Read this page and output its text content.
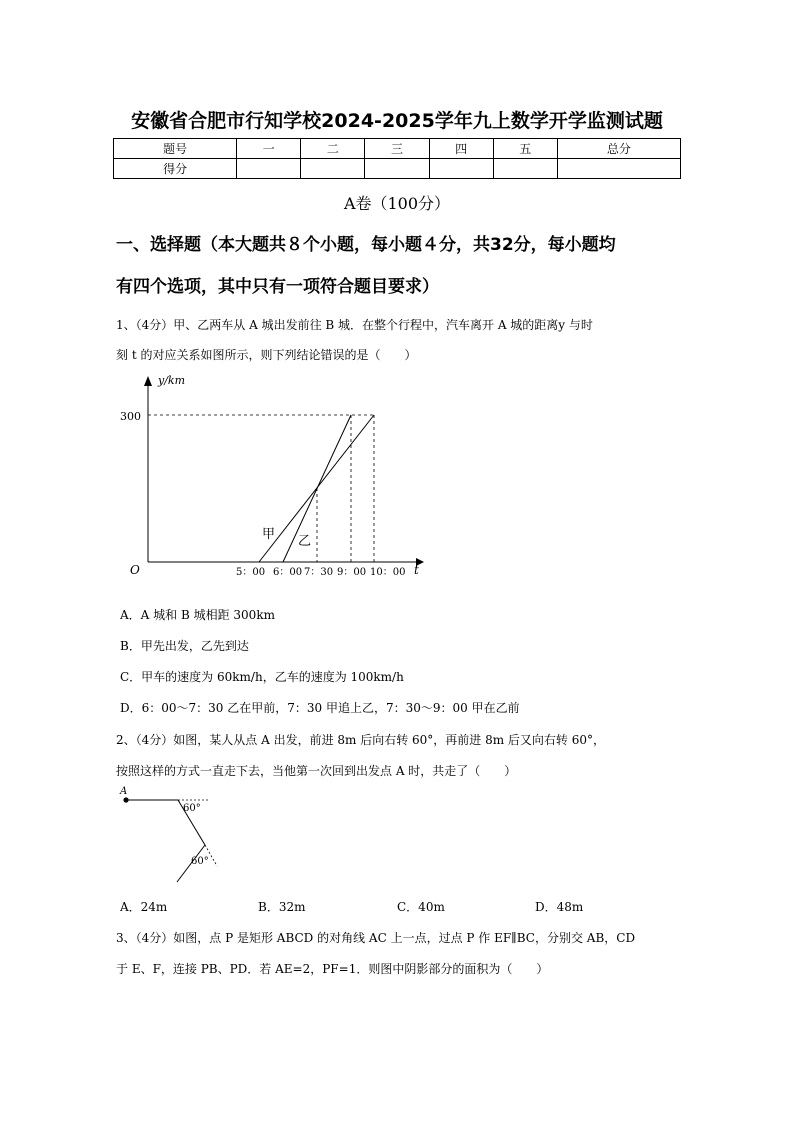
安徽省合肥市行知学校2024-2025学年九上数学开学监测试题
题号	一	二	三	四	五	总分
得分						
A卷（100分）
一、选择题（本大题共８个小题，每小题４分，共32分，每小题均
有四个选项，其中只有一项符合题目要求）
1、（4分）甲、乙两车从 A 城出发前往 B 城．在整个行程中，汽车离开 A 城的距离y 与时
刻 t 的对应关系如图所示，则下列结论错误的是（　　）
y/km
t
O
300
5：00 6：00 7：30 9：00 10：00
甲 乙
A．A 城和 B 城相距 300km
B．甲先出发，乙先到达
C．甲车的速度为 60km/h，乙车的速度为 100km/h
D．6：00～7：30 乙在甲前，7：30 甲追上乙，7：30～9：00 甲在乙前
2、（4分）如图，某人从点 A 出发，前进 8m 后向右转 60°，再前进 8m 后又向右转 60°，
按照这样的方式一直走下去，当他第一次回到出发点 A 时，共走了（　　）
A
60°
60°
A．24m	B．32m	C．40m	D．48m
3、（4分）如图，点 P 是矩形 ABCD 的对角线 AC 上一点，过点 P 作 EF∥BC，分别交 AB，CD
于 E、F，连接 PB、PD．若 AE=2，PF=1．则图中阴影部分的面积为（　　）
